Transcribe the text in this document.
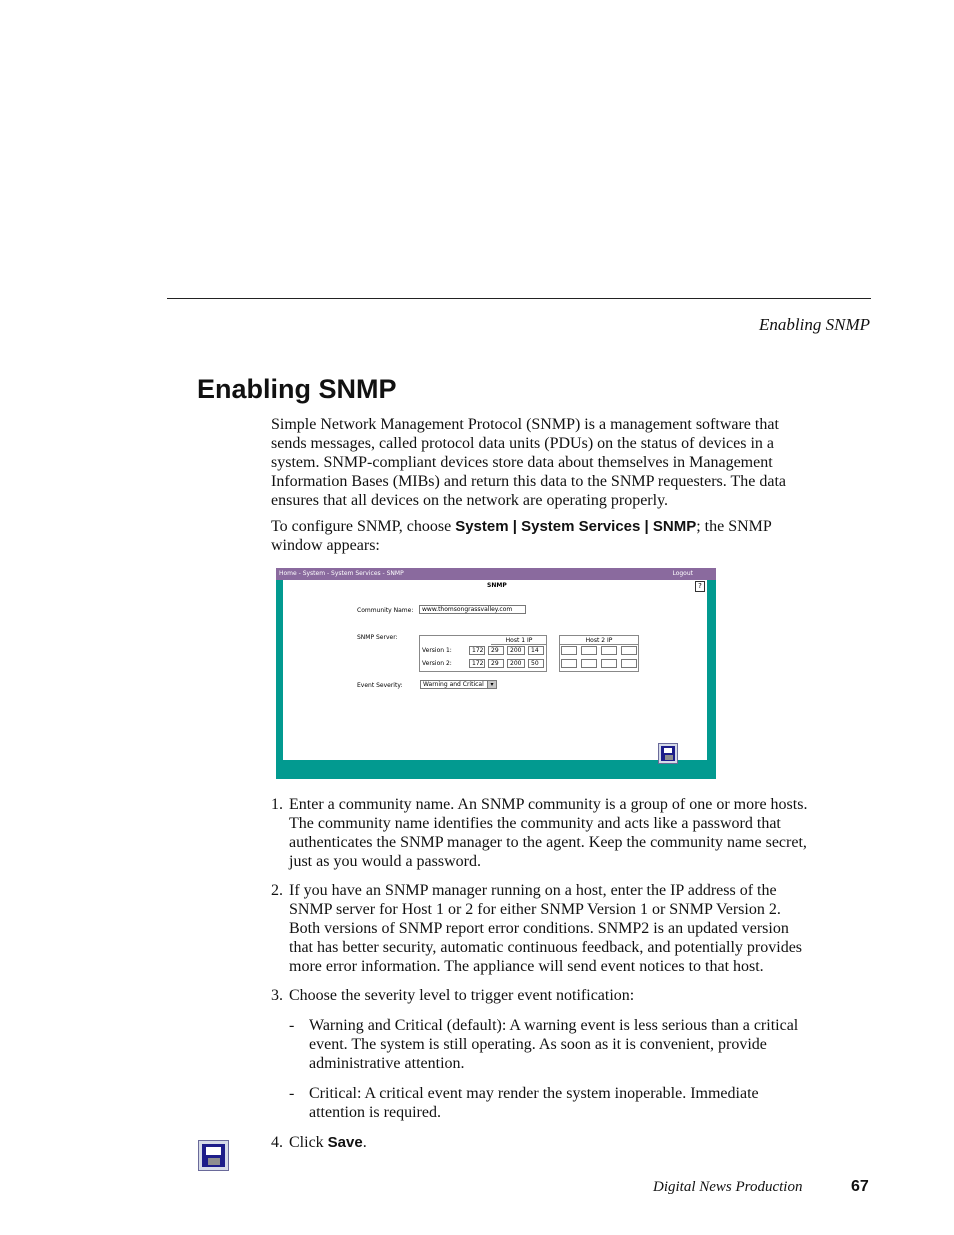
Enabling SNMP
Enabling SNMP

Simple Network Management Protocol (SNMP) is a management software that sends messages, called protocol data units (PDUs) on the status of devices in a system. SNMP-compliant devices store data about themselves in Management Information Bases (MIBs) and return this data to the SNMP requesters. The data ensures that all devices on the network are operating properly.

To configure SNMP, choose System | System Services | SNMP; the SNMP window appears:

Home - System - System Services - SNMP	Logout
?
SNMP
Community Name:	www.thomsongrassvalley.com
SNMP Server:	Host 1 IP
Version 1:	172	29	200	14
Version 2:	172	29	200	50
Host 2 IP
Event Severity:	Warning and Critical	▾
1. Enter a community name. An SNMP community is a group of one or more hosts. The community name identifies the community and acts like a password that authenticates the SNMP manager to the agent. Keep the community name secret, just as you would a password.
2. If you have an SNMP manager running on a host, enter the IP address of the SNMP server for Host 1 or 2 for either SNMP Version 1 or SNMP Version 2. Both versions of SNMP report error conditions. SNMP2 is an updated version that has better security, automatic continuous feedback, and potentially provides more error information. The appliance will send event notices to that host.
3. Choose the severity level to trigger event notification:
- Warning and Critical (default): A warning event is less serious than a critical event. The system is still operating. As soon as it is convenient, provide administrative attention.
- Critical: A critical event may render the system inoperable. Immediate attention is required.
4. Click Save.
Digital News Production	67
